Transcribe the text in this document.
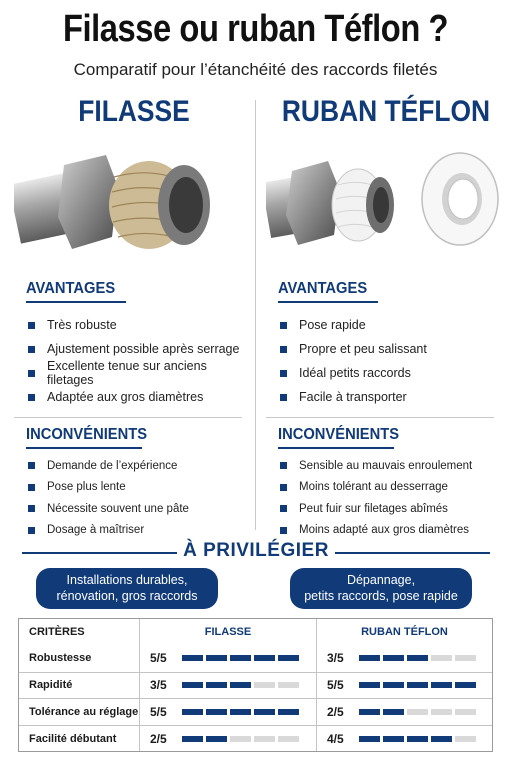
Filasse ou ruban Téflon ?
Comparatif pour l’étanchéité des raccords filetés
FILASSE
AVANTAGES
Très robuste
Ajustement possible après serrage
Excellente tenue sur anciens filetages
Adaptée aux gros diamètres
INCONVÉNIENTS
Demande de l’expérience
Pose plus lente
Nécessite souvent une pâte
Dosage à maîtriser
RUBAN TÉFLON
AVANTAGES
Pose rapide
Propre et peu salissant
Idéal petits raccords
Facile à transporter
INCONVÉNIENTS
Sensible au mauvais enroulement
Moins tolérant au desserrage
Peut fuir sur filetages abîmés
Moins adapté aux gros diamètres
À PRIVILÉGIER
Installations durables,
rénovation, gros raccords
Dépannage,
petits raccords, pose rapide
CRITÈRES	FILASSE	RUBAN TÉFLON
Robustesse	5/5	3/5
Rapidité	3/5	5/5
Tolérance au réglage 5/5	2/5
Facilité débutant	2/5	4/5
